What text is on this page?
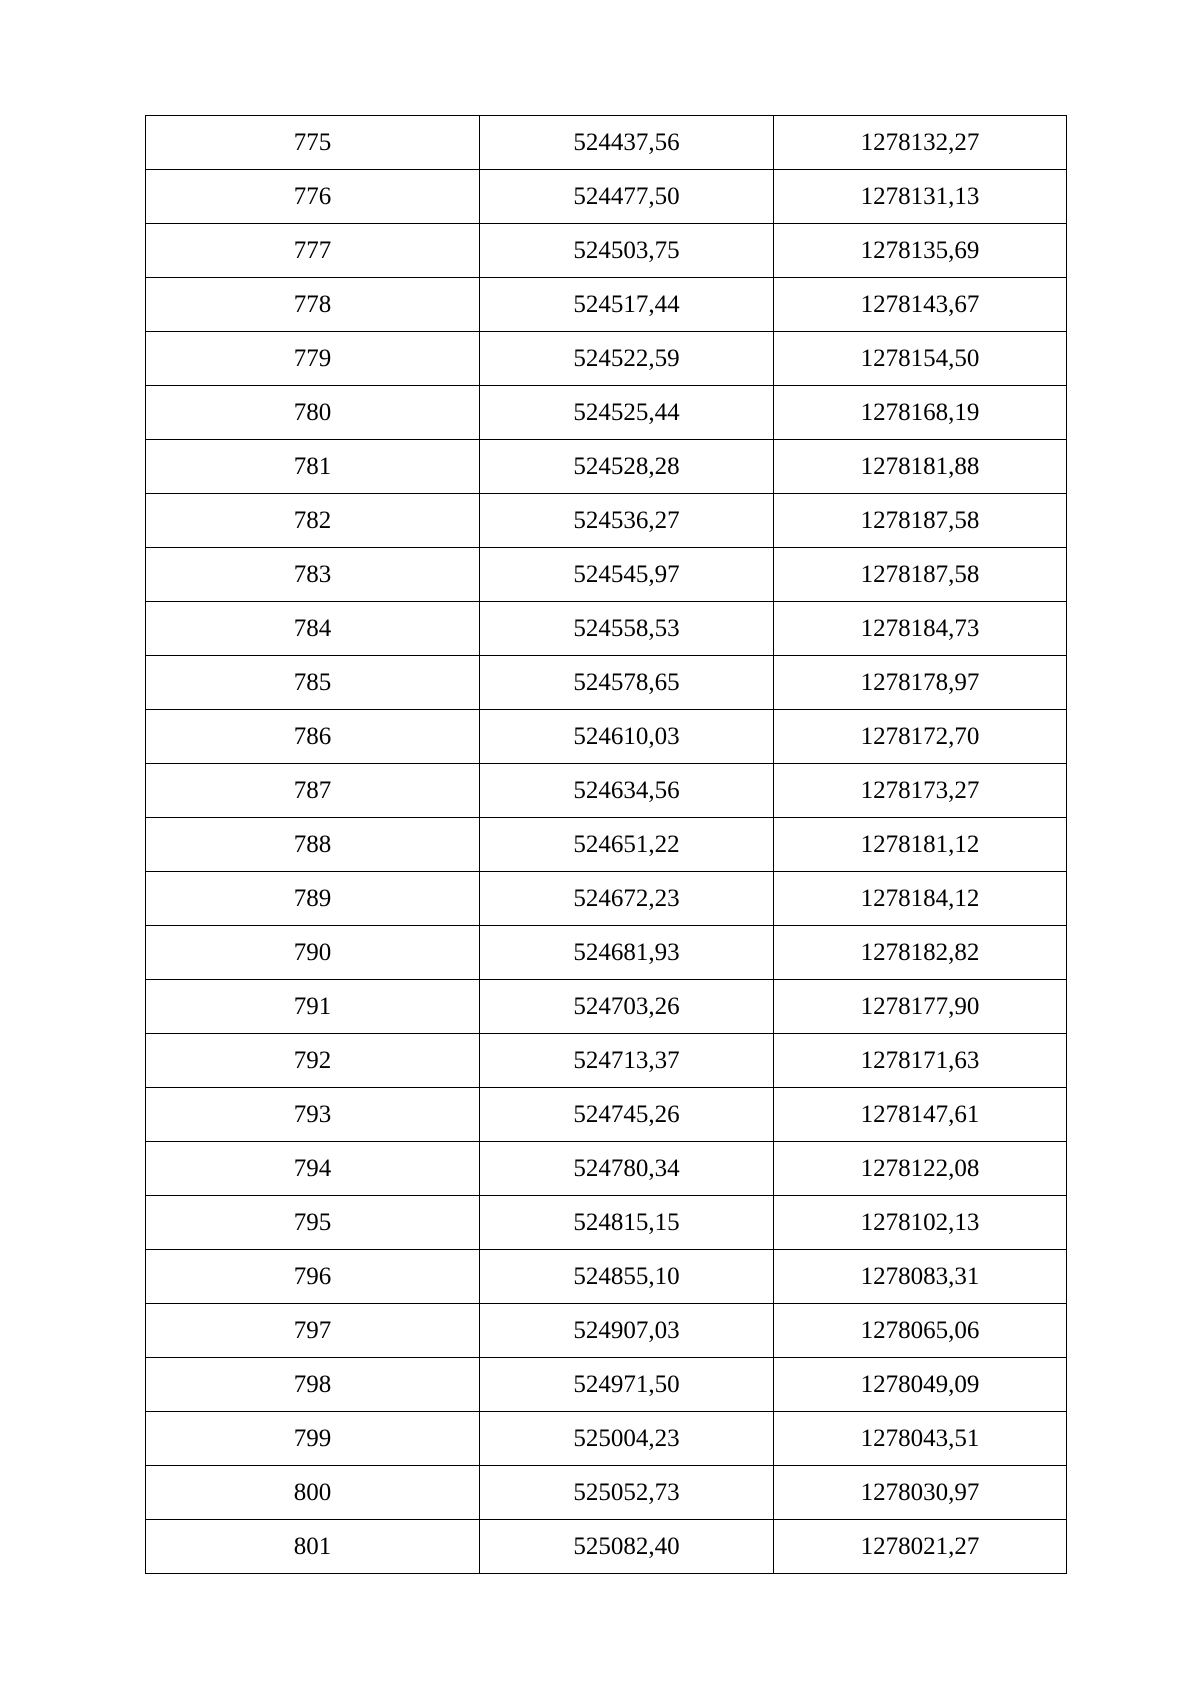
775	524437,56	1278132,27
776	524477,50	1278131,13
777	524503,75	1278135,69
778	524517,44	1278143,67
779	524522,59	1278154,50
780	524525,44	1278168,19
781	524528,28	1278181,88
782	524536,27	1278187,58
783	524545,97	1278187,58
784	524558,53	1278184,73
785	524578,65	1278178,97
786	524610,03	1278172,70
787	524634,56	1278173,27
788	524651,22	1278181,12
789	524672,23	1278184,12
790	524681,93	1278182,82
791	524703,26	1278177,90
792	524713,37	1278171,63
793	524745,26	1278147,61
794	524780,34	1278122,08
795	524815,15	1278102,13
796	524855,10	1278083,31
797	524907,03	1278065,06
798	524971,50	1278049,09
799	525004,23	1278043,51
800	525052,73	1278030,97
801	525082,40	1278021,27
